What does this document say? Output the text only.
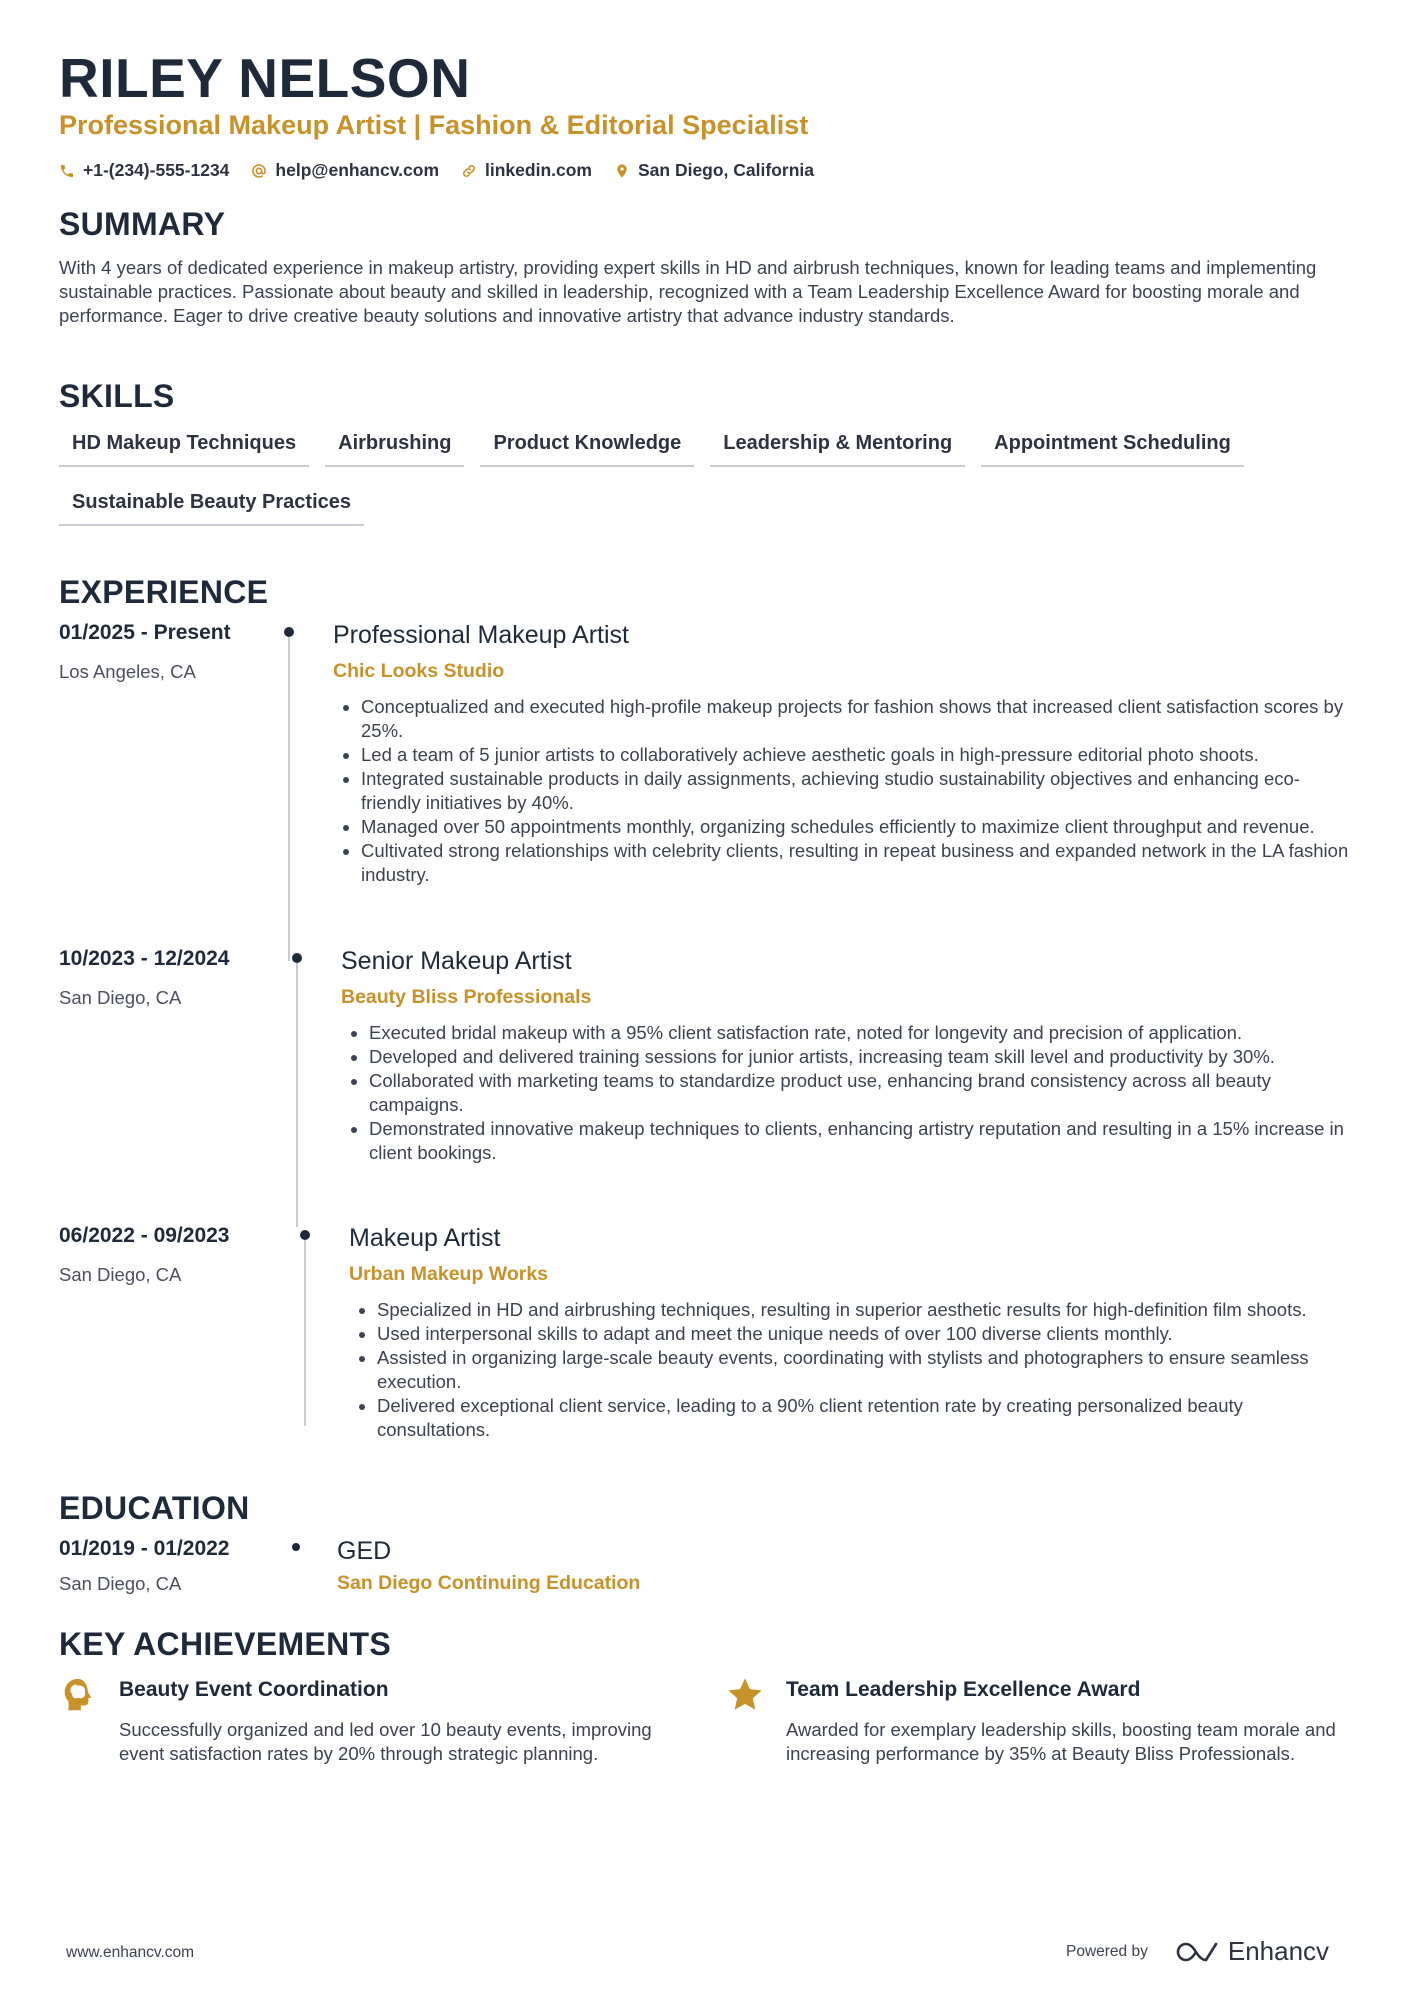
RILEY NELSON
Professional Makeup Artist | Fashion & Editorial Specialist
+1-(234)-555-1234	help@enhancv.com	linkedin.com	San Diego, California
SUMMARY
With 4 years of dedicated experience in makeup artistry, providing expert skills in HD and airbrush techniques, known for leading teams and implementing sustainable practices. Passionate about beauty and skilled in leadership, recognized with a Team Leadership Excellence Award for boosting morale and performance. Eager to drive creative beauty solutions and innovative artistry that advance industry standards.
SKILLS
HD Makeup Techniques	Airbrushing	Product Knowledge	Leadership & Mentoring	Appointment Scheduling
Sustainable Beauty Practices
EXPERIENCE
01/2025 - Present
Los Angeles, CA
Professional Makeup Artist
Chic Looks Studio
• Conceptualized and executed high-profile makeup projects for fashion shows that increased client satisfaction scores by 25%.
• Led a team of 5 junior artists to collaboratively achieve aesthetic goals in high-pressure editorial photo shoots.
• Integrated sustainable products in daily assignments, achieving studio sustainability objectives and enhancing eco-friendly initiatives by 40%.
• Managed over 50 appointments monthly, organizing schedules efficiently to maximize client throughput and revenue.
• Cultivated strong relationships with celebrity clients, resulting in repeat business and expanded network in the LA fashion industry.
10/2023 - 12/2024
San Diego, CA
Senior Makeup Artist
Beauty Bliss Professionals
• Executed bridal makeup with a 95% client satisfaction rate, noted for longevity and precision of application.
• Developed and delivered training sessions for junior artists, increasing team skill level and productivity by 30%.
• Collaborated with marketing teams to standardize product use, enhancing brand consistency across all beauty campaigns.
• Demonstrated innovative makeup techniques to clients, enhancing artistry reputation and resulting in a 15% increase in client bookings.
06/2022 - 09/2023
San Diego, CA
Makeup Artist
Urban Makeup Works
• Specialized in HD and airbrushing techniques, resulting in superior aesthetic results for high-definition film shoots.
• Used interpersonal skills to adapt and meet the unique needs of over 100 diverse clients monthly.
• Assisted in organizing large-scale beauty events, coordinating with stylists and photographers to ensure seamless execution.
• Delivered exceptional client service, leading to a 90% client retention rate by creating personalized beauty consultations.
EDUCATION
01/2019 - 01/2022
San Diego, CA
GED
San Diego Continuing Education
KEY ACHIEVEMENTS
Beauty Event Coordination
Successfully organized and led over 10 beauty events, improving event satisfaction rates by 20% through strategic planning.
Team Leadership Excellence Award
Awarded for exemplary leadership skills, boosting team morale and increasing performance by 35% at Beauty Bliss Professionals.
www.enhancv.com	Powered by	Enhancv
